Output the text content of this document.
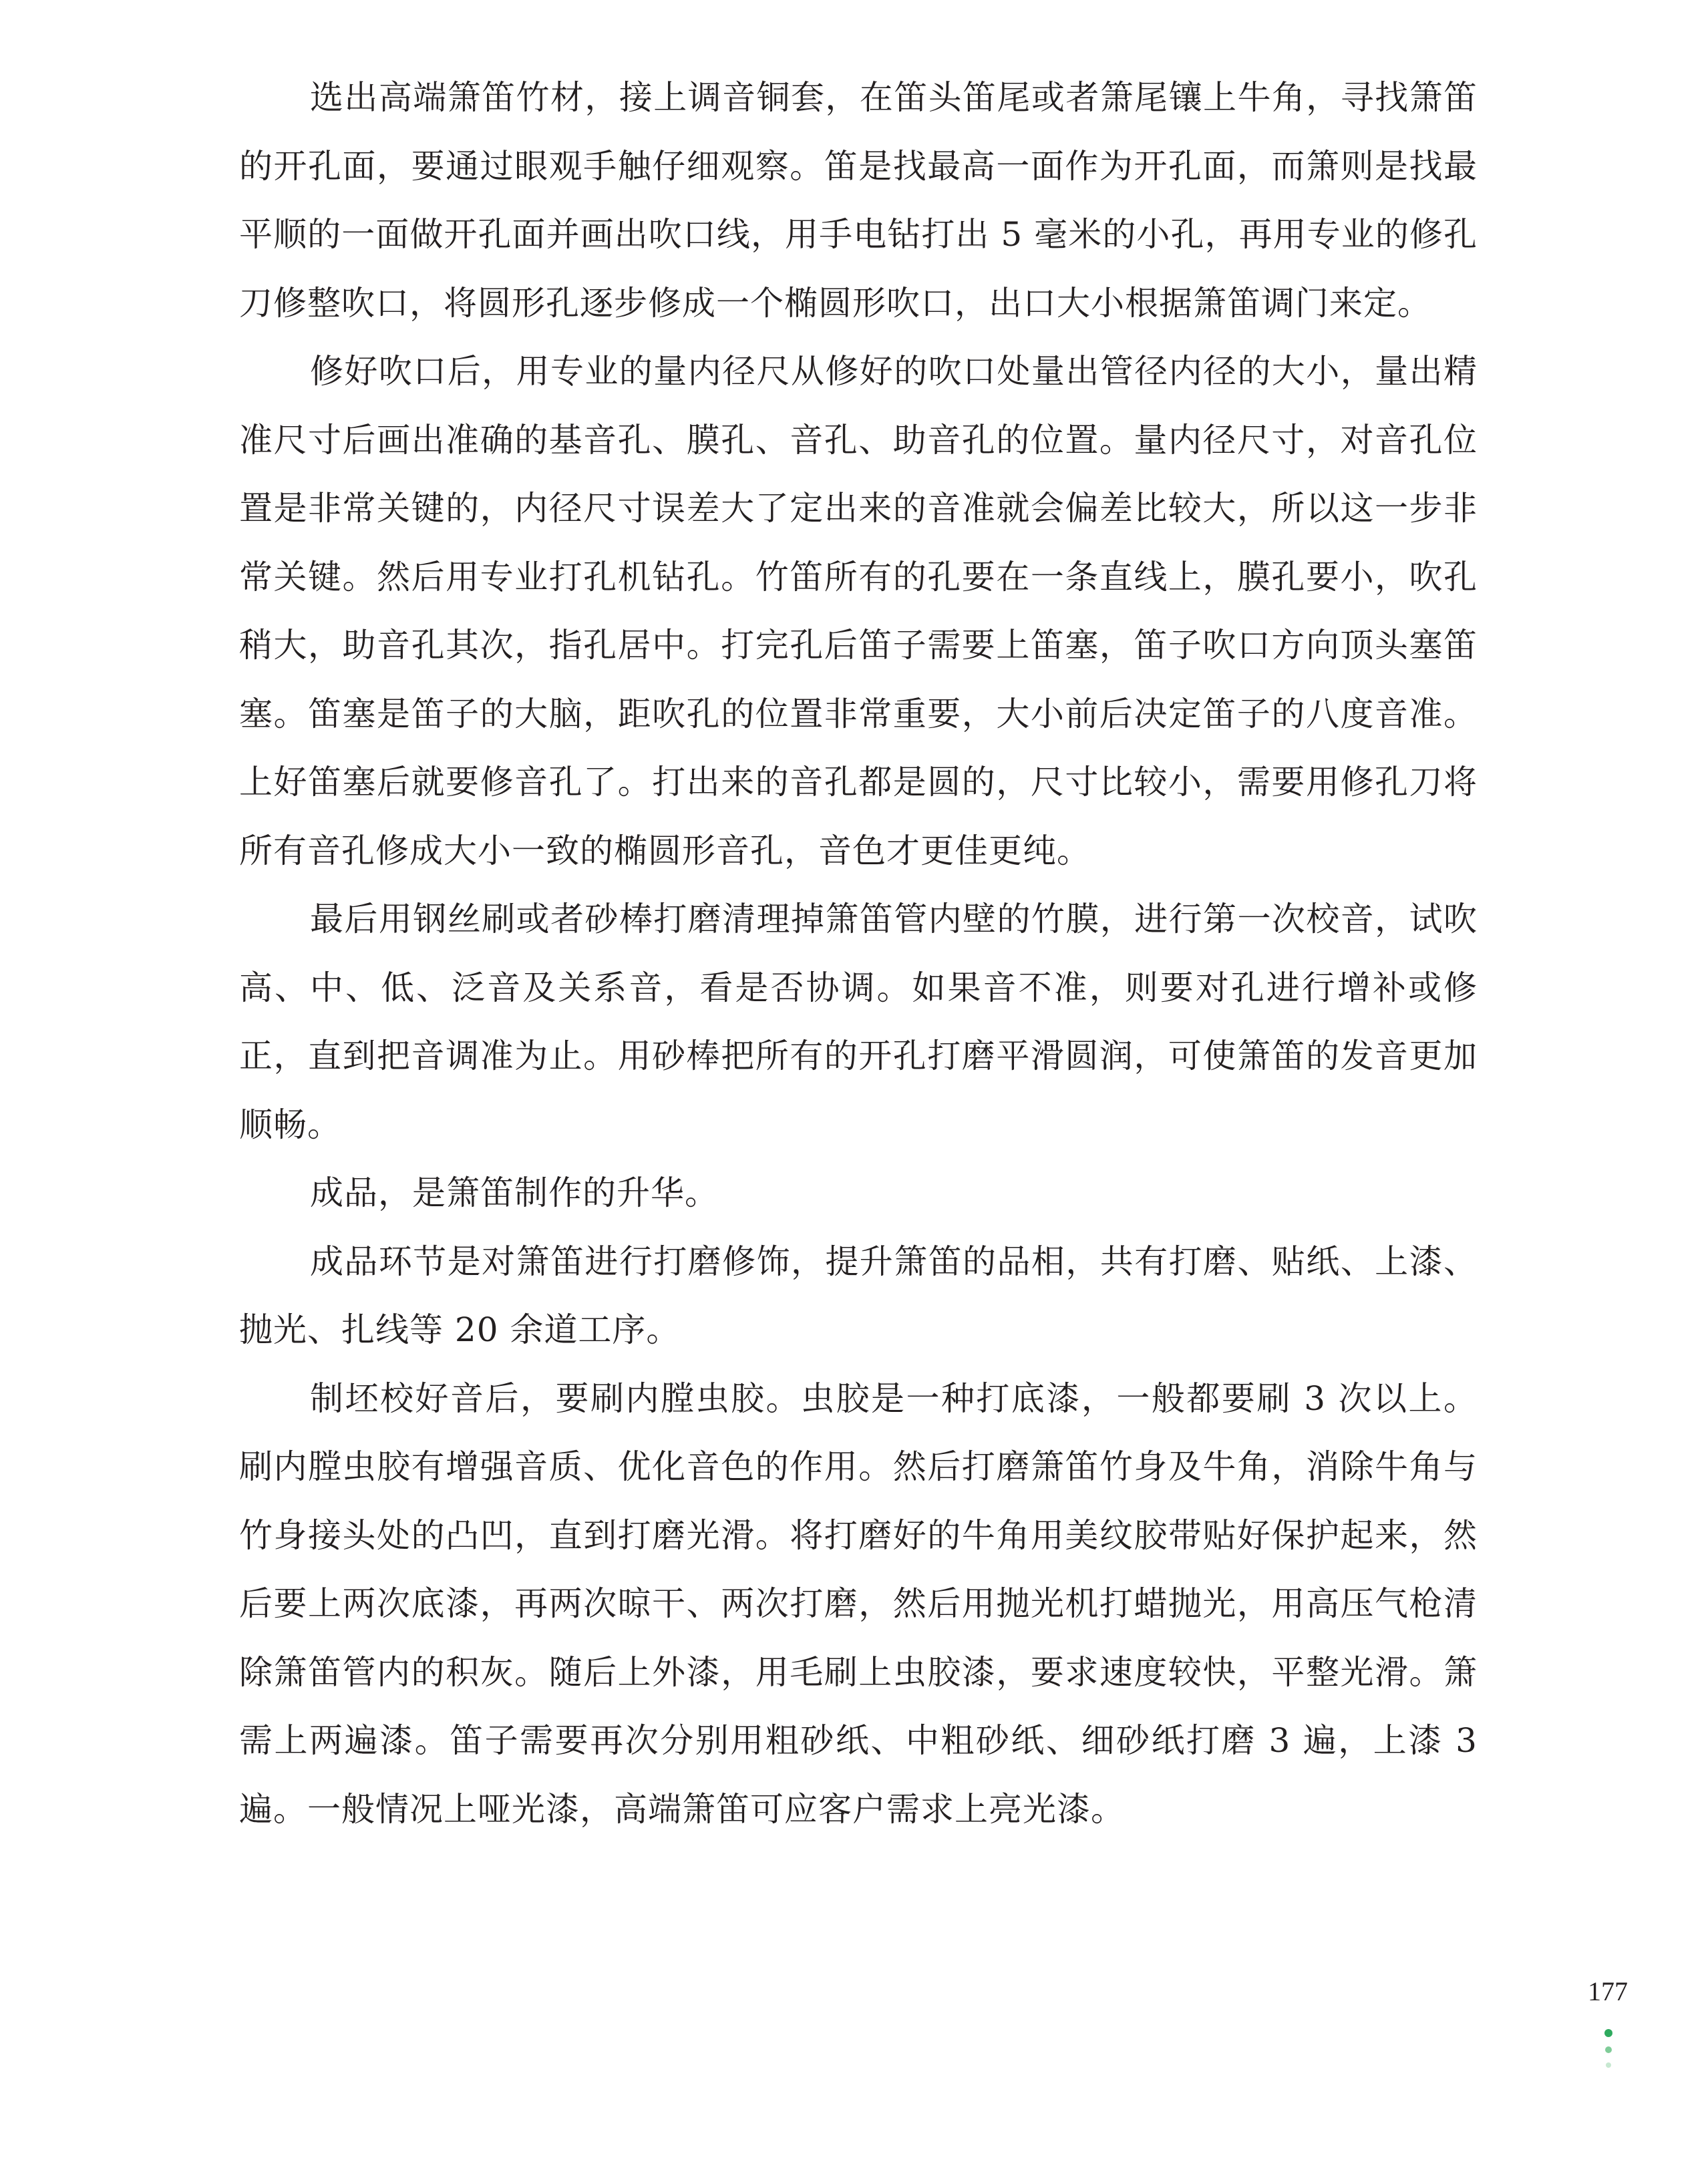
选出高端箫笛竹材，接上调音铜套，在笛头笛尾或者箫尾镶上牛角，寻找箫笛的开孔面，要通过眼观手触仔细观察。笛是找最高一面作为开孔面，而箫则是找最平顺的一面做开孔面并画出吹口线，用手电钻打出 5 毫米的小孔，再用专业的修孔刀修整吹口，将圆形孔逐步修成一个椭圆形吹口，出口大小根据箫笛调门来定。

修好吹口后，用专业的量内径尺从修好的吹口处量出管径内径的大小，量出精准尺寸后画出准确的基音孔、膜孔、音孔、助音孔的位置。量内径尺寸，对音孔位置是非常关键的，内径尺寸误差大了定出来的音准就会偏差比较大，所以这一步非常关键。然后用专业打孔机钻孔。竹笛所有的孔要在一条直线上，膜孔要小，吹孔稍大，助音孔其次，指孔居中。打完孔后笛子需要上笛塞，笛子吹口方向顶头塞笛塞。笛塞是笛子的大脑，距吹孔的位置非常重要，大小前后决定笛子的八度音准。上好笛塞后就要修音孔了。打出来的音孔都是圆的，尺寸比较小，需要用修孔刀将所有音孔修成大小一致的椭圆形音孔，音色才更佳更纯。

最后用钢丝刷或者砂棒打磨清理掉箫笛管内壁的竹膜，进行第一次校音，试吹高、中、低、泛音及关系音，看是否协调。如果音不准，则要对孔进行增补或修正，直到把音调准为止。用砂棒把所有的开孔打磨平滑圆润，可使箫笛的发音更加顺畅。

成品，是箫笛制作的升华。

成品环节是对箫笛进行打磨修饰，提升箫笛的品相，共有打磨、贴纸、上漆、抛光、扎线等 20 余道工序。

制坯校好音后，要刷内膛虫胶。虫胶是一种打底漆，一般都要刷 3 次以上。刷内膛虫胶有增强音质、优化音色的作用。然后打磨箫笛竹身及牛角，消除牛角与竹身接头处的凸凹，直到打磨光滑。将打磨好的牛角用美纹胶带贴好保护起来，然后要上两次底漆，再两次晾干、两次打磨，然后用抛光机打蜡抛光，用高压气枪清除箫笛管内的积灰。随后上外漆，用毛刷上虫胶漆，要求速度较快，平整光滑。箫需上两遍漆。笛子需要再次分别用粗砂纸、中粗砂纸、细砂纸打磨 3 遍，上漆 3 遍。一般情况上哑光漆，高端箫笛可应客户需求上亮光漆。

177
